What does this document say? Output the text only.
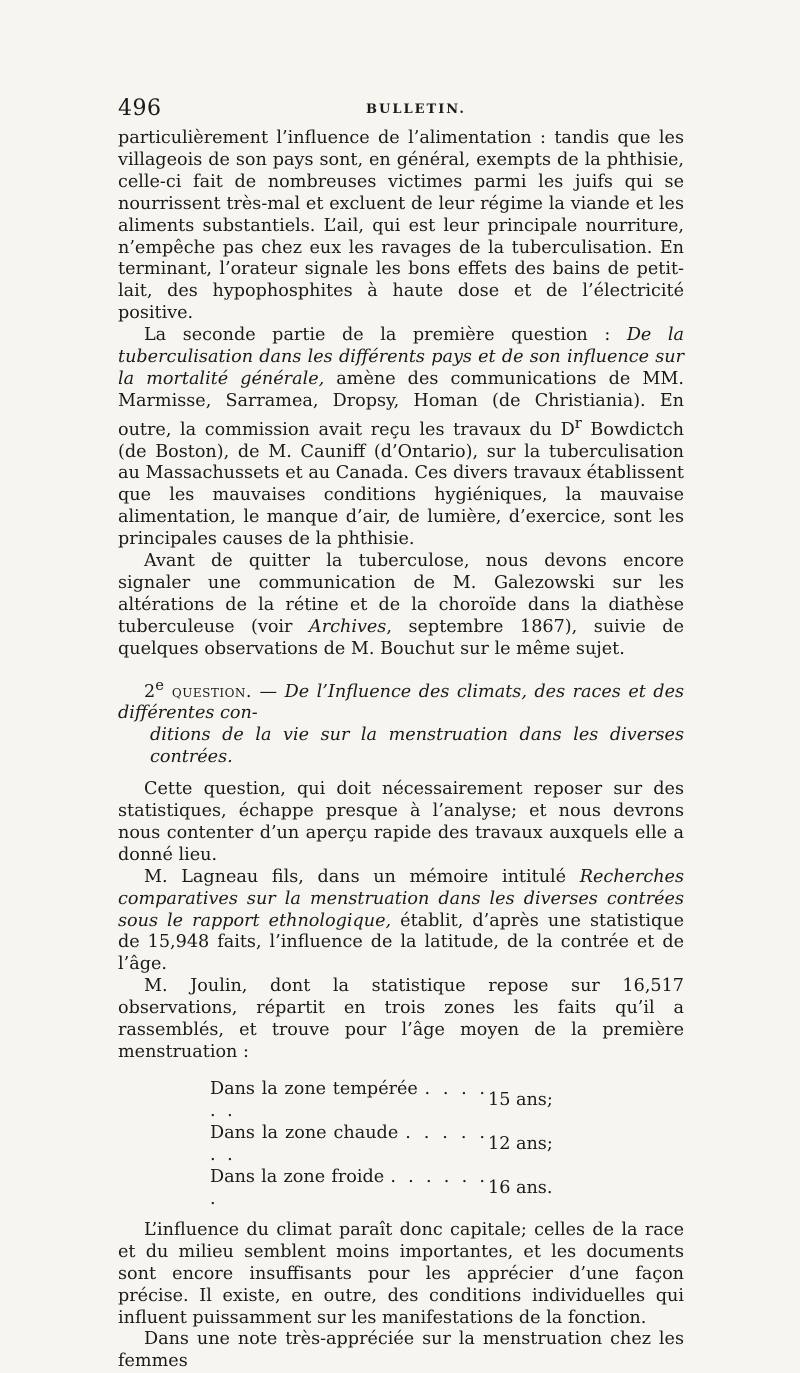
496	BULLETIN.

particulièrement l’influence de l’alimentation : tandis que les villageois de son pays sont, en général, exempts de la phthisie, celle-ci fait de nombreuses victimes parmi les juifs qui se nourrissent très-mal et excluent de leur régime la viande et les aliments substantiels. L’ail, qui est leur principale nourriture, n’empêche pas chez eux les ravages de la tuberculisation. En terminant, l’orateur signale les bons effets des bains de petit-lait, des hypophosphites à haute dose et de l’électricité positive.

La seconde partie de la première question : De la tuberculisation dans les différents pays et de son influence sur la mortalité générale, amène des communications de MM. Marmisse, Sarramea, Dropsy, Homan (de Christiania). En outre, la commission avait reçu les travaux du $D^r$ Bowdictch (de Boston), de M. Cauniff (d’Ontario), sur la tuberculisation au Massachussets et au Canada. Ces divers travaux établissent que les mauvaises conditions hygiéniques, la mauvaise alimentation, le manque d’air, de lumière, d’exercice, sont les principales causes de la phthisie.

Avant de quitter la tuberculose, nous devons encore signaler une communication de M. Galezowski sur les altérations de la rétine et de la choroïde dans la diathèse tuberculeuse (voir Archives, septembre 1867), suivie de quelques observations de M. Bouchut sur le même sujet.

2e question. — De l’Influence des climats, des races et des différentes con-
ditions de la vie sur la menstruation dans les diverses contrées.

Cette question, qui doit nécessairement reposer sur des statistiques, échappe presque à l’analyse; et nous devrons nous contenter d’un aperçu rapide des travaux auxquels elle a donné lieu.

M. Lagneau fils, dans un mémoire intitulé Recherches comparatives sur la menstruation dans les diverses contrées sous le rapport ethnologique, établit, d’après une statistique de 15,948 faits, l’influence de la latitude, de la contrée et de l’âge.

M. Joulin, dont la statistique repose sur 16,517 observations, répartit en trois zones les faits qu’il a rassemblés, et trouve pour l’âge moyen de la première menstruation :

Dans la zone tempérée . . . . . .	15 ans;
Dans la zone chaude . . . . . . .	12 ans;
Dans la zone froide . . . . . . .	16 ans.

L’influence du climat paraît donc capitale; celles de la race et du milieu semblent moins importantes, et les documents sont encore insuffisants pour les apprécier d’une façon précise. Il existe, en outre, des conditions individuelles qui influent puissamment sur les manifestations de la fonction.

Dans une note très-appréciée sur la menstruation chez les femmes
